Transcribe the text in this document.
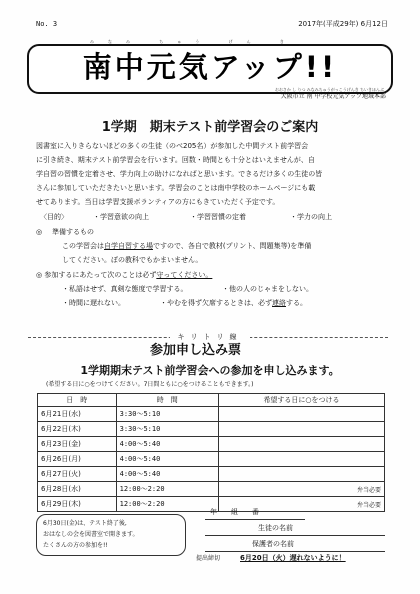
No. 3	2017年(平成29年) 6月12日
みなみ ちゅう げん き
南中元気アップ!!
おおさか し りつ みなみちゅうがっこうげんき ちいきほんぶ
大阪市立 南 中学校元気アップ地域本部
1学期　期末テスト前学習会のご案内
図書室に入りきらないほどの多くの生徒（のべ205名）が参加した中間テスト前学習会
に引き続き、期末テスト前学習会を行います。回数・時間とも十分とはいえませんが、自
学自習の習慣を定着させ、学力向上の助けになればと思います。できるだけ多くの生徒の皆
さんに参加していただきたいと思います。学習会のことは南中学校のホームページにも載
せてあります。当日は学習支援ボランティアの方にもきていただく予定です。
〈目的〉	・学習意欲の向上	・学習習慣の定着	・学力の向上
◎ 準備するもの
この学習会は自学自習する場ですので、各自で教材(プリント、問題集等)を準備
してください。ぼの教科でもかまいません。
◎ 参加するにあたって次のことは必ず守ってください。
・私語はせず、真剣な態度で学習する。	・他の人のじゃまをしない。
・時間に遅れない。	・やむを得ず欠席するときは、必ず連絡する。
キリトリ線
参加申し込み票
1学期期末テスト前学習会への参加を申し込みます。
(希望する日に○をつけてください。7日間ともに○をつけることもできます。)
日　時	時　間	希望する日に○をつける
6月21日(水)	3:30〜5:10	
6月22日(木)	3:30〜5:10	
6月23日(金)	4:00〜5:40	
6月26日(月)	4:00〜5:40	
6月27日(火)	4:00〜5:40	
6月28日(水)	12:00〜2:20	弁当必要
6月29日(木)	12:00〜2:20	弁当必要
6月30日(金)は、テスト終了後,
おはなしの会を図書室で開きます。
たくさんの方の参加を!!
年　　組　　番
生徒の名前
保護者の名前
提出締切	6月20日（火）遅れないように！
